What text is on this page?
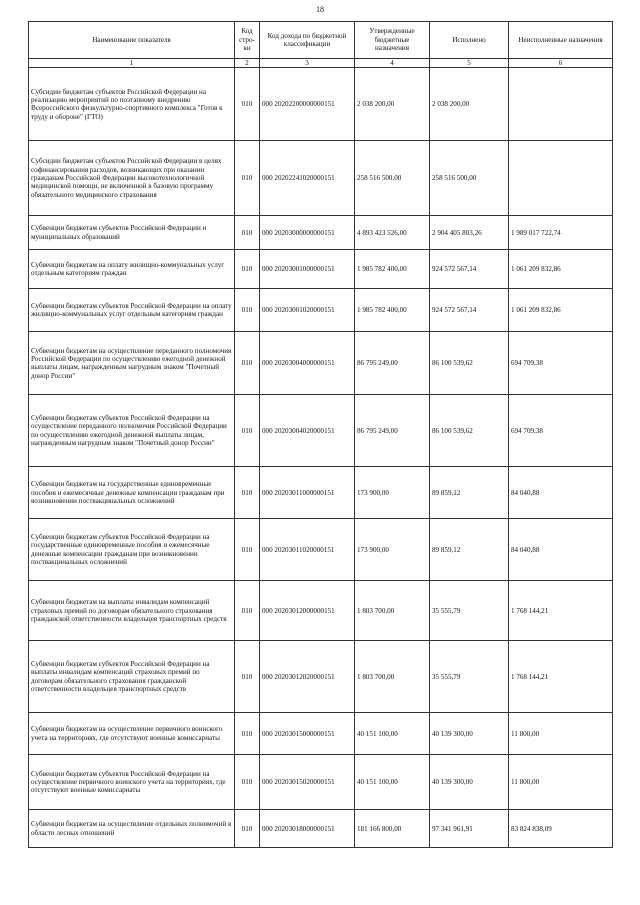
18
Наименование показателя	Код стро-ки	Код дохода по бюджетной классификации	Утвержденные бюджетные назначения	Исполнено	Неисполненные назначения
1	2	3	4	5	6
Субсидии бюджетам субъектов Российской Федерации на реализацию мероприятий по поэтапному внедрению Всероссийского физкультурно-спортивного комплекса "Готов к труду и обороне" (ГТО)	010	000 20202200000000151	2 038 200,00	2 038 200,00	
Субсидии бюджетам субъектов Российской Федерации в целях софинансирования расходов, возникающих при оказании гражданам Российской Федерации высокотехнологичной медицинской помощи, не включенной в базовую программу обязательного медицинского страхования	010	000 20202241020000151	258 516 500,00	258 516 500,00	
Субвенции бюджетам субъектов Российской Федерации и муниципальных образований	010	000 20203000000000151	4 893 423 526,00	2 904 405 803,26	1 989 017 722,74
Субвенции бюджетам на оплату жилищно-коммунальных услуг отдельным категориям граждан	010	000 20203001000000151	1 985 782 400,00	924 572 567,14	1 061 209 832,86
Субвенции бюджетам субъектов Российской Федерации на оплату жилищно-коммунальных услуг отдельным категориям граждан	010	000 20203001020000151	1 985 782 400,00	924 572 567,14	1 061 209 832,86
Субвенции бюджетам на осуществление переданного полномочия Российской Федерации по осуществлению ежегодной денежной выплаты лицам, награжденным нагрудным знаком "Почетный донор России"	010	000 20203004000000151	86 795 249,00	86 100 539,62	694 709,38
Субвенции бюджетам субъектов Российской Федерации на осуществление переданного полномочия Российской Федерации по осуществлению ежегодной денежной выплаты лицам, награжденным нагрудным знаком "Почетный донор России"	010	000 20203004020000151	86 795 249,00	86 100 539,62	694 709,38
Субвенции бюджетам на государственные единовременные пособия и ежемесячные денежные компенсации гражданам при возникновении поствакцинальных осложнений	010	000 20203011000000151	173 900,00	89 859,12	84 040,88
Субвенции бюджетам субъектов Российской Федерации на государственные единовременные пособия и ежемесячные денежные компенсации гражданам при возникновении поствакцинальных осложнений	010	000 20203011020000151	173 900,00	89 859,12	84 040,88
Субвенции бюджетам на выплаты инвалидам компенсаций страховых премий по договорам обязательного страхования гражданской ответственности владельцев транспортных средств	010	000 20203012000000151	1 803 700,00	35 555,79	1 768 144,21
Субвенции бюджетам субъектов Российской Федерации на выплаты инвалидам компенсаций страховых премий по договорам обязательного страхования гражданской ответственности владельцев транспортных средств	010	000 20203012020000151	1 803 700,00	35 555,79	1 768 144,21
Субвенции бюджетам на осуществление первичного воинского учета на территориях, где отсутствуют военные комиссариаты	010	000 20203015000000151	40 151 100,00	40 139 300,00	11 800,00
Субвенции бюджетам субъектов Российской Федерации на осуществление первичного воинского учета на территориях, где отсутствуют военные комиссариаты	010	000 20203015020000151	40 151 100,00	40 139 300,00	11 800,00
Субвенции бюджетам на осуществление отдельных полномочий в области лесных отношений	010	000 20203018000000151	181 166 800,00	97 341 961,91	83 824 838,09
